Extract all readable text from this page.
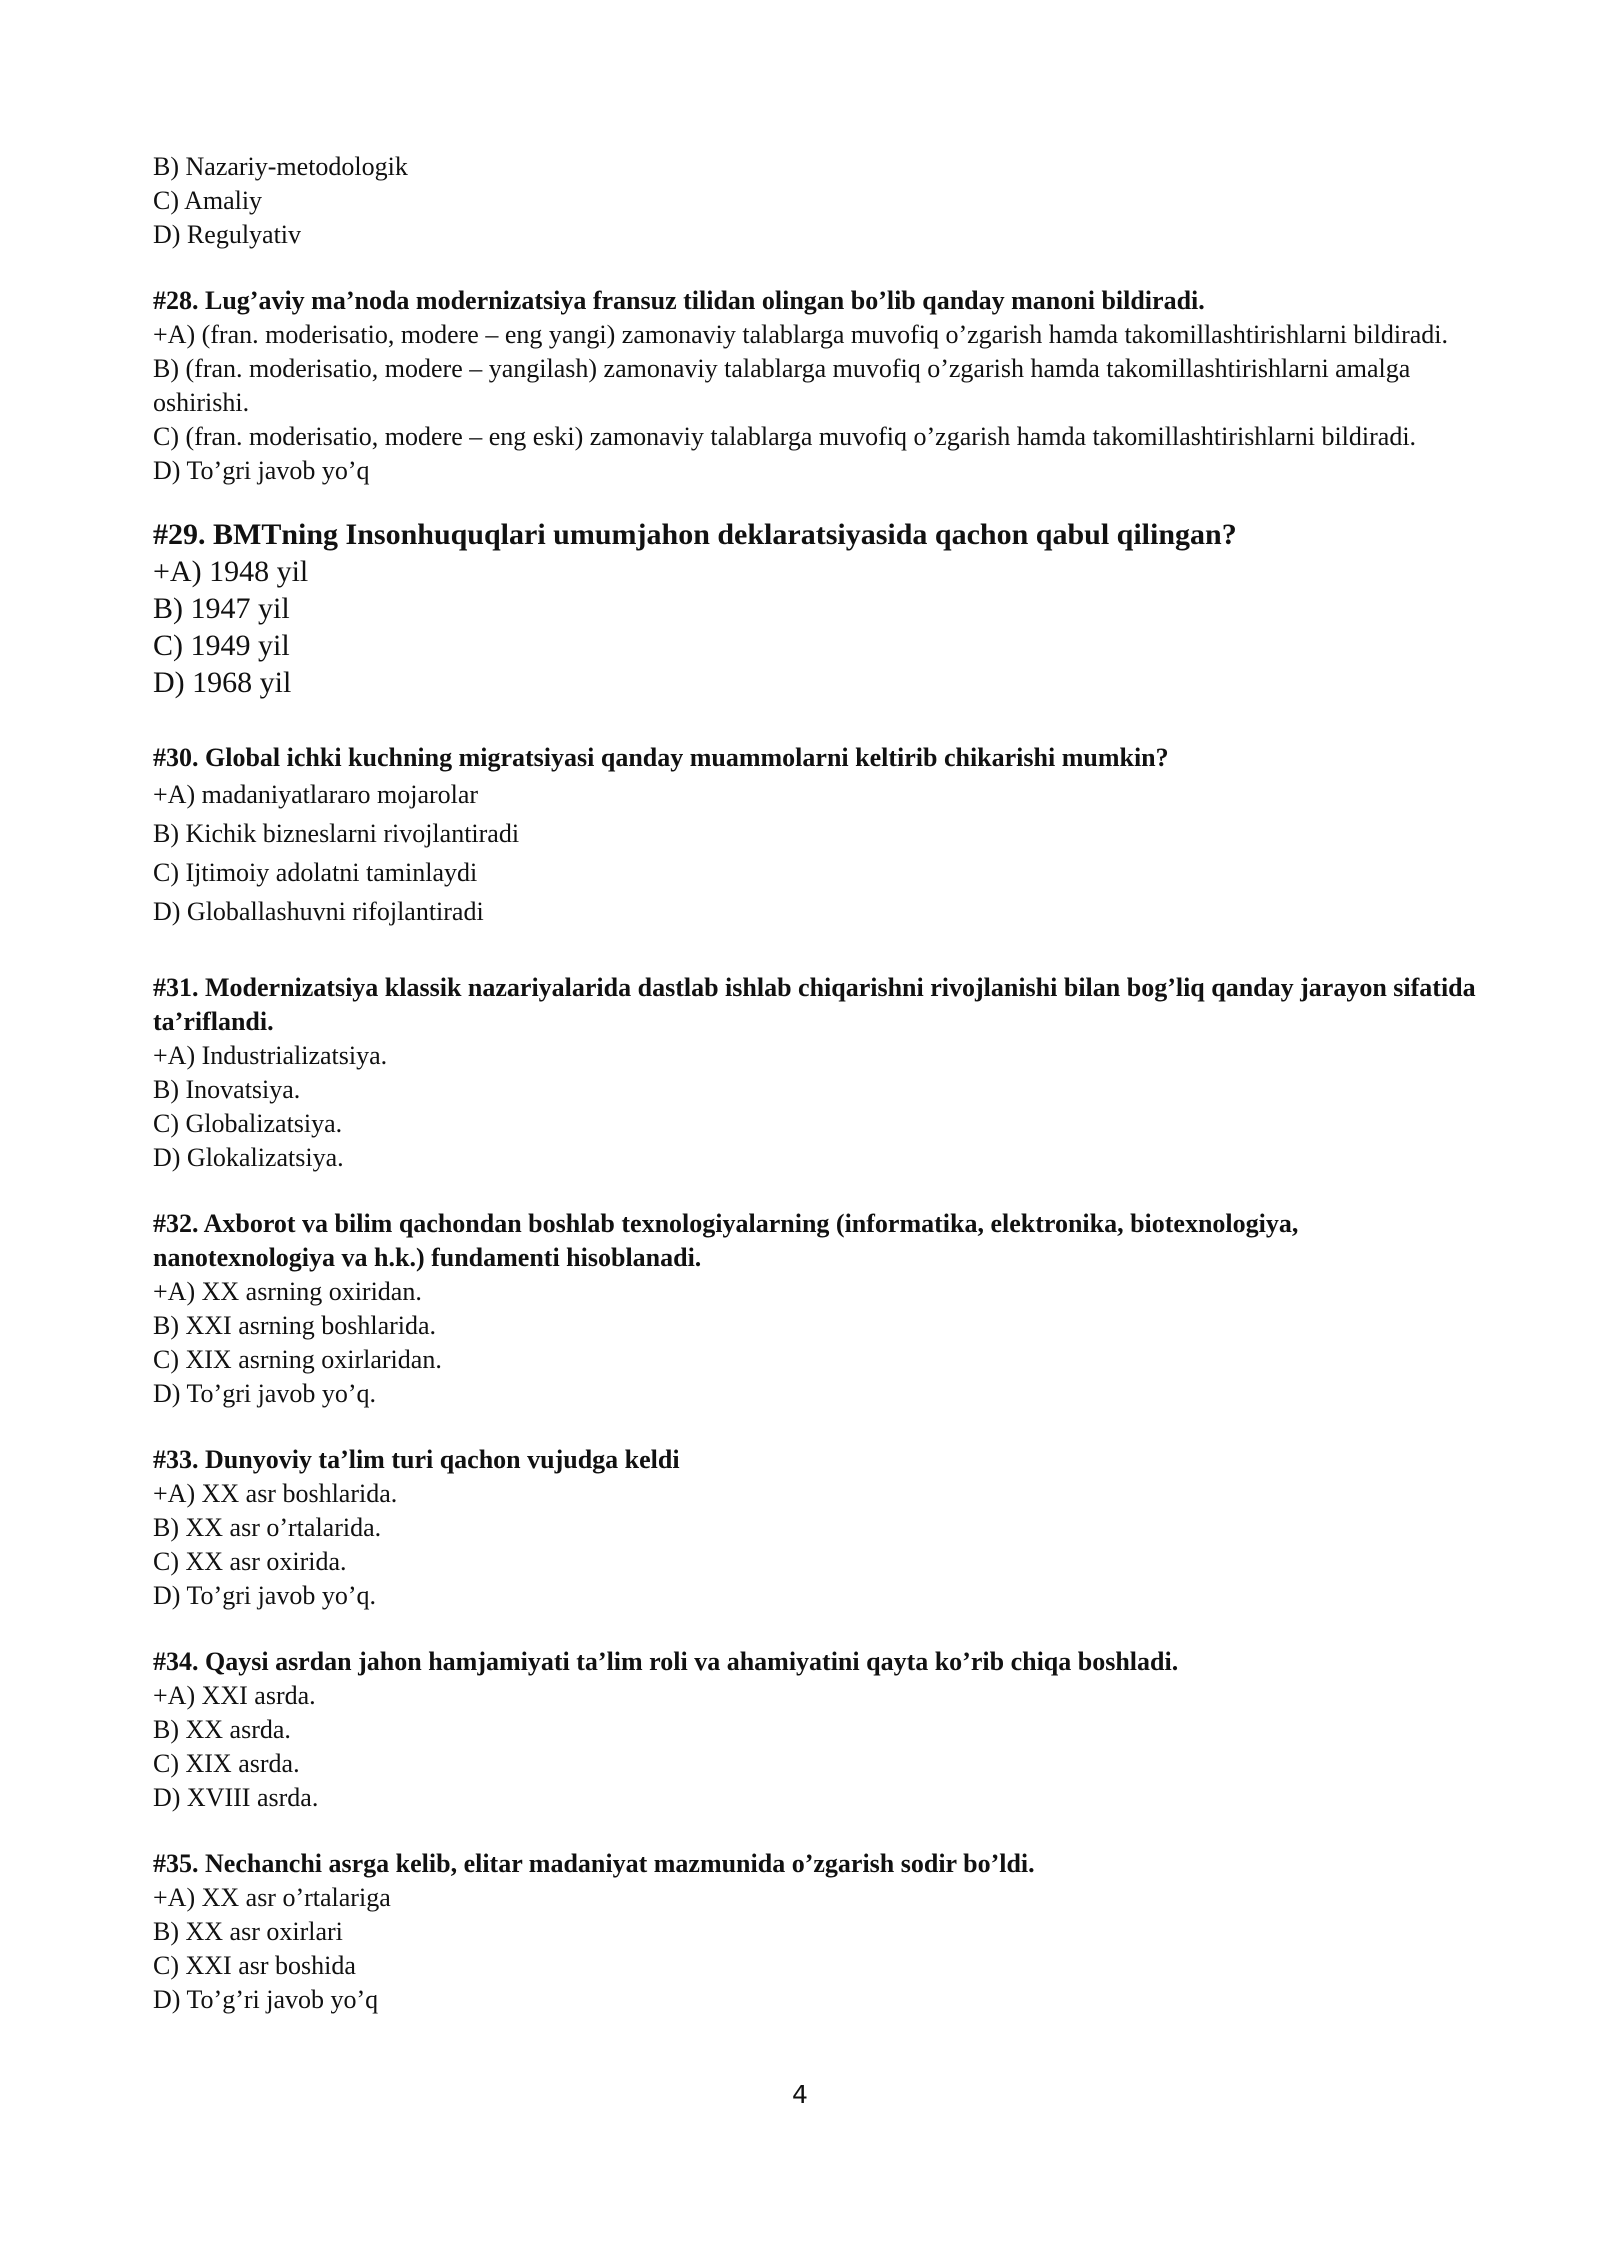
B) Nazariy-metodologik

C) Amaliy

D) Regulyativ

#28. Lug’aviy ma’noda modernizatsiya fransuz tilidan olingan bo’lib qanday manoni bildiradi.

+A) (fran. moderisatio, modere – eng yangi) zamonaviy talablarga muvofiq o’zgarish hamda takomillashtirishlarni bildiradi.

B) (fran. moderisatio, modere – yangilash) zamonaviy talablarga muvofiq o’zgarish hamda takomillashtirishlarni amalga oshirishi.

C) (fran. moderisatio, modere – eng eski) zamonaviy talablarga muvofiq o’zgarish hamda takomillashtirishlarni bildiradi.

D) To’gri javob yo’q

#29. BMTning Insonhuquqlari umumjahon deklaratsiyasida qachon qabul qilingan?

+A) 1948 yil

B) 1947 yil

C) 1949 yil

D) 1968 yil

#30. Global ichki kuchning migratsiyasi qanday muammolarni keltirib chikarishi mumkin?

+A) madaniyatlararo mojarolar

B) Kichik bizneslarni rivojlantiradi

C) Ijtimoiy adolatni taminlaydi

D) Globallashuvni rifojlantiradi

#31. Modernizatsiya klassik nazariyalarida dastlab ishlab chiqarishni rivojlanishi bilan bog’liq qanday jarayon sifatida ta’riflandi.

+A) Industrializatsiya.

B) Inovatsiya.

C) Globalizatsiya.

D) Glokalizatsiya.

#32. Axborot va bilim qachondan boshlab texnologiyalarning (informatika, elektronika, biotexnologiya, nanotexnologiya va h.k.) fundamenti hisoblanadi.

+A) XX asrning oxiridan.

B) XXI asrning boshlarida.

C) XIX asrning oxirlaridan.

D) To’gri javob yo’q.

#33. Dunyoviy ta’lim turi qachon vujudga keldi

+A) XX asr boshlarida.

B) XX asr o’rtalarida.

C) XX asr oxirida.

D) To’gri javob yo’q.

#34. Qaysi asrdan jahon hamjamiyati ta’lim roli va ahamiyatini qayta ko’rib chiqa boshladi.

+A) XXI asrda.

B) XX asrda.

C) XIX asrda.

D) XVIII asrda.

#35. Nechanchi asrga kelib, elitar madaniyat mazmunida o’zgarish sodir bo’ldi.

+A) XX asr o’rtalariga

B) XX asr oxirlari

C) XXI asr boshida

D) To’g’ri javob yo’q

4
